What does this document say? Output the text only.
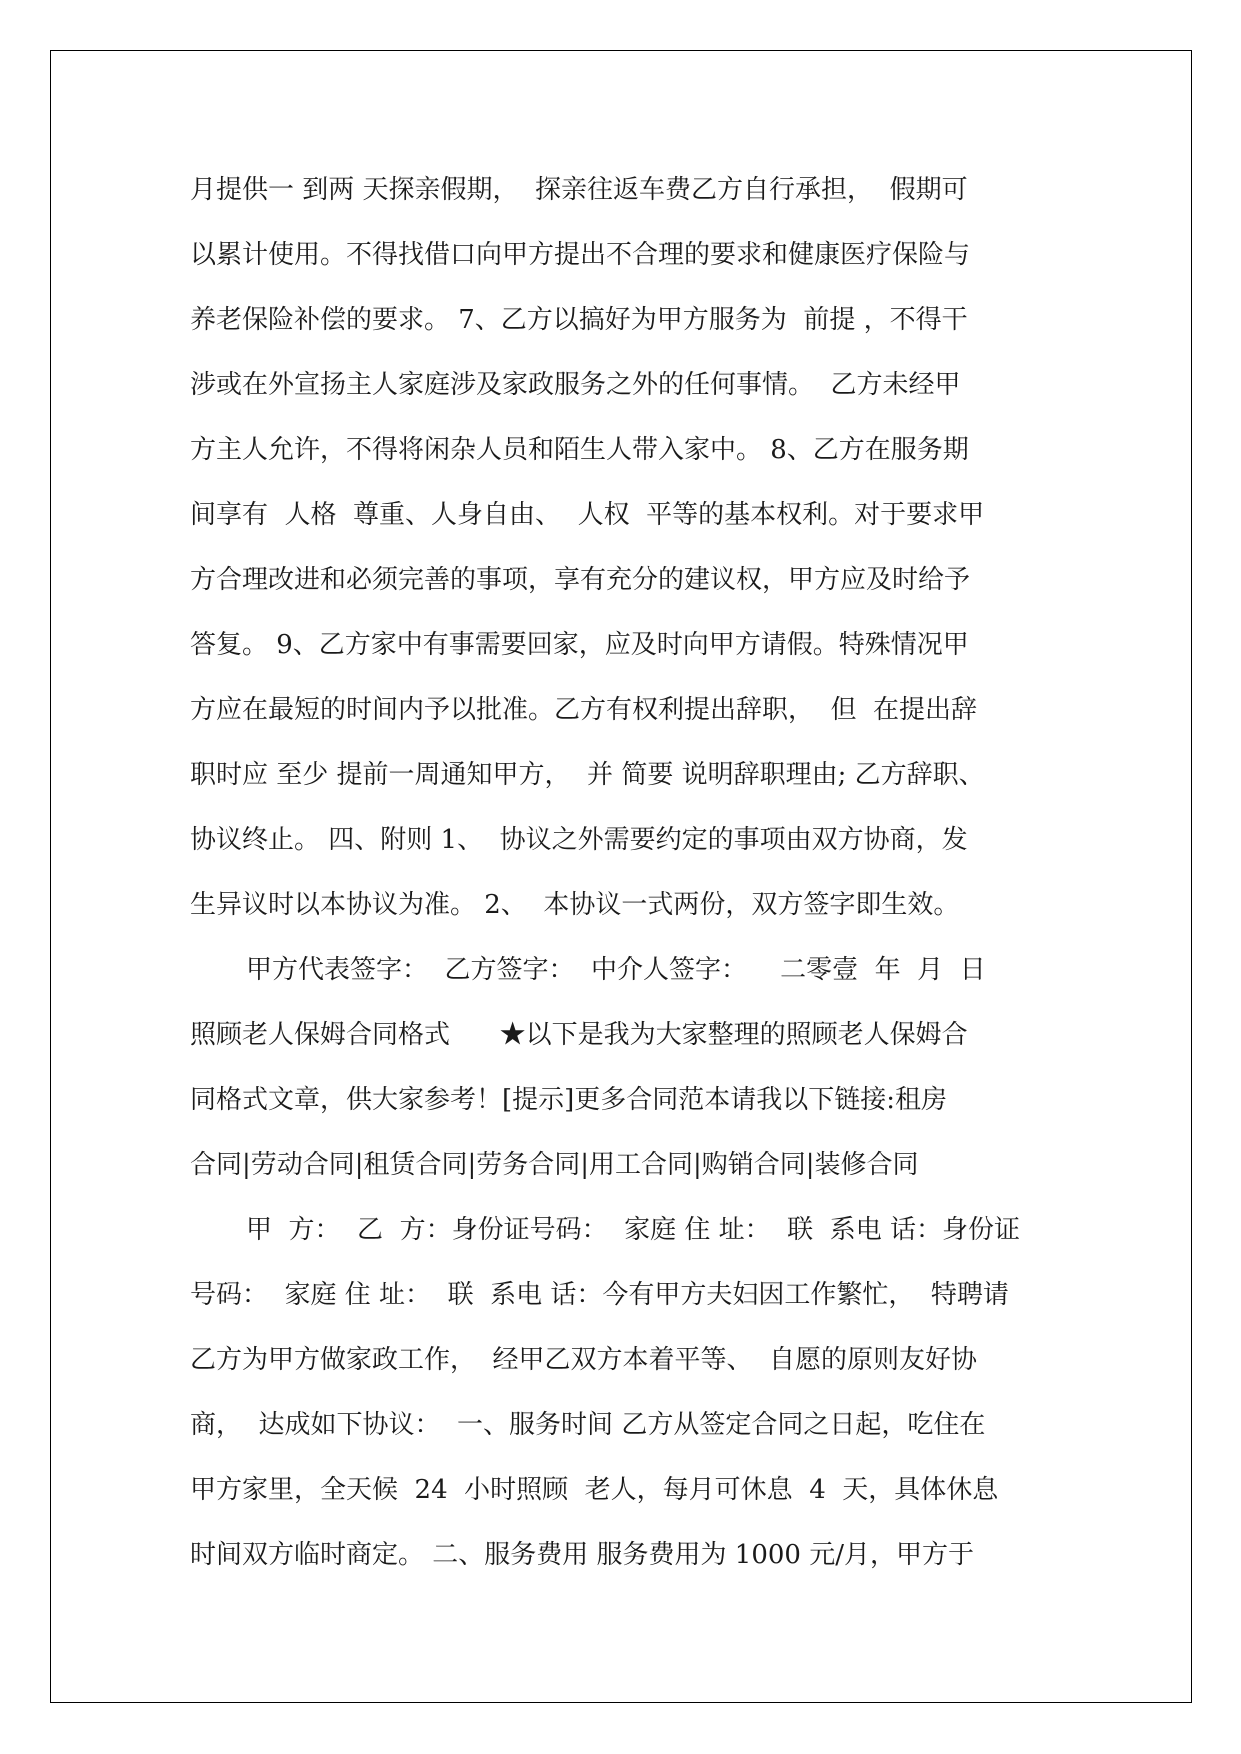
月提供一 到两 天探亲假期，  探亲往返车费乙方自行承担，  假期可
以累计使用。不得找借口向甲方提出不合理的要求和健康医疗保险与
养老保险补偿的要求。 7、乙方以搞好为甲方服务为  前提 ，不得干
涉或在外宣扬主人家庭涉及家政服务之外的任何事情。  乙方未经甲
方主人允许，不得将闲杂人员和陌生人带入家中。 8、乙方在服务期
间享有  人格  尊重、人身自由、  人权  平等的基本权利。对于要求甲
方合理改进和必须完善的事项，享有充分的建议权，甲方应及时给予
答复。 9、乙方家中有事需要回家，应及时向甲方请假。特殊情况甲
方应在最短的时间内予以批准。乙方有权利提出辞职，  但  在提出辞
职时应 至少 提前一周通知甲方，  并 简要 说明辞职理由; 乙方辞职、
协议终止。 四、附则 1、  协议之外需要约定的事项由双方协商，发
生异议时以本协议为准。 2、  本协议一式两份，双方签字即生效。
甲方代表签字：  乙方签字：  中介人签字：    二零壹  年  月  日
照顾老人保姆合同格式      ★以下是我为大家整理的照顾老人保姆合
同格式文章，供大家参考！[提示]更多合同范本请我以下链接:租房
合同|劳动合同|租赁合同|劳务合同|用工合同|购销合同|装修合同
甲  方：  乙  方：身份证号码：  家庭 住 址：  联  系电 话：身份证
号码：  家庭 住 址：  联  系电 话：今有甲方夫妇因工作繁忙，  特聘请
乙方为甲方做家政工作，  经甲乙双方本着平等、  自愿的原则友好协
商，  达成如下协议：  一、服务时间 乙方从签定合同之日起，吃住在
甲方家里，全天候  24  小时照顾  老人，每月可休息  4  天，具体休息
时间双方临时商定。 二、服务费用 服务费用为 1000 元/月，甲方于
